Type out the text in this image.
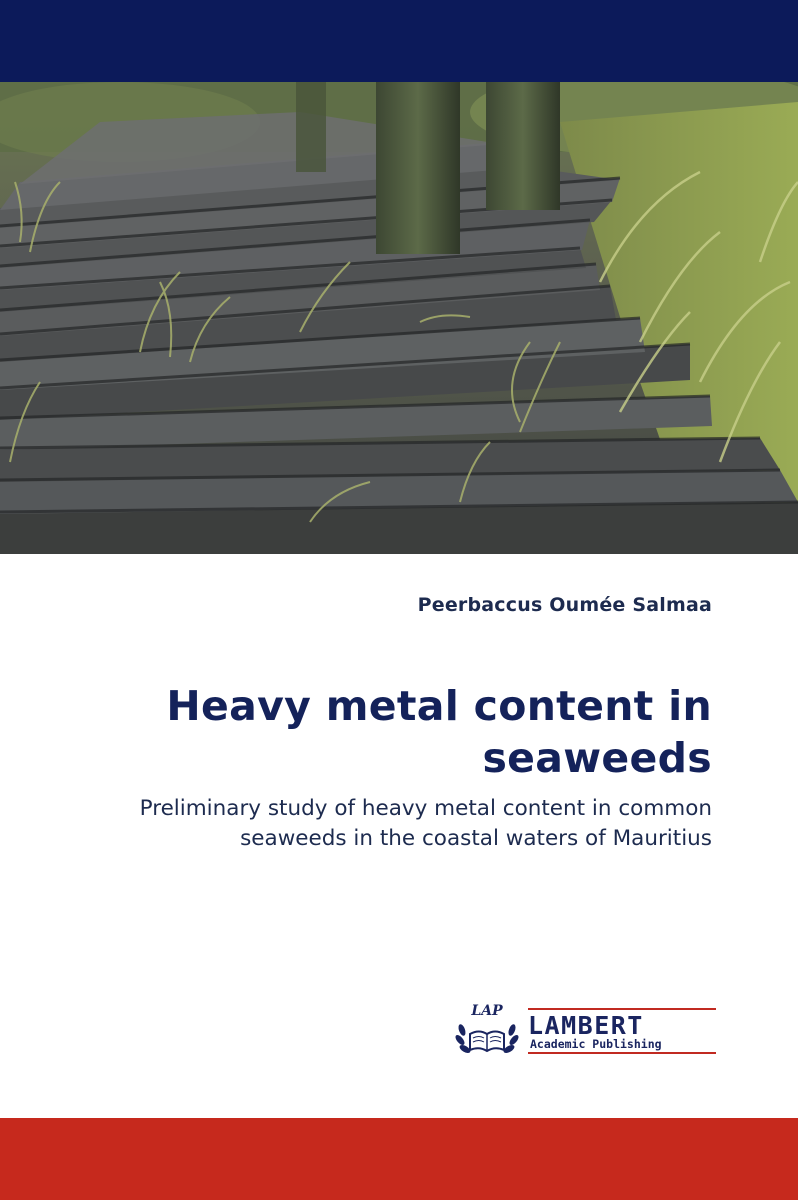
Peerbaccus Oumée Salmaa
Heavy metal content in seaweeds
Preliminary study of heavy metal content in common seaweeds in the coastal waters of Mauritius
LAP	LAMBERT
Academic Publishing
